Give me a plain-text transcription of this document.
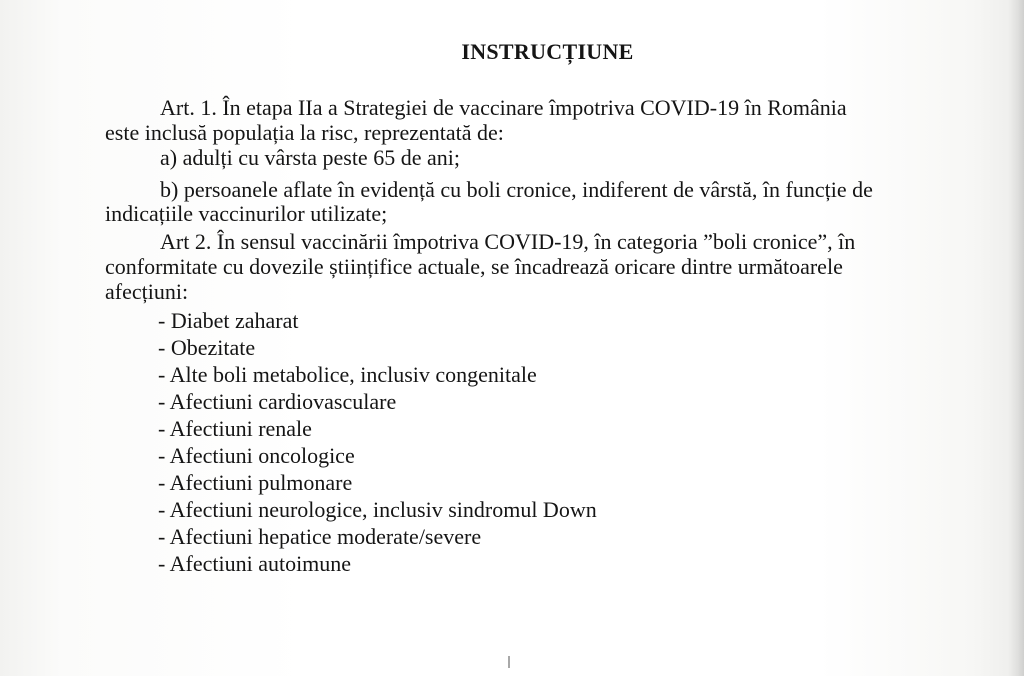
INSTRUCȚIUNE

Art. 1. În etapa IIa a Strategiei de vaccinare împotriva COVID-19 în România

este inclusă populația la risc, reprezentată de:

a) adulți cu vârsta peste 65 de ani;

b) persoanele aflate în evidență cu boli cronice, indiferent de vârstă, în funcție de

indicațiile vaccinurilor utilizate;

Art 2. În sensul vaccinării împotriva COVID-19, în categoria ”boli cronice”, în

conformitate cu dovezile științifice actuale, se încadrează oricare dintre următoarele

afecțiuni:

- Diabet zaharat
- Obezitate
- Alte boli metabolice, inclusiv congenitale
- Afectiuni cardiovasculare
- Afectiuni renale
- Afectiuni oncologice
- Afectiuni pulmonare
- Afectiuni neurologice, inclusiv sindromul Down
- Afectiuni hepatice moderate/severe
- Afectiuni autoimune
